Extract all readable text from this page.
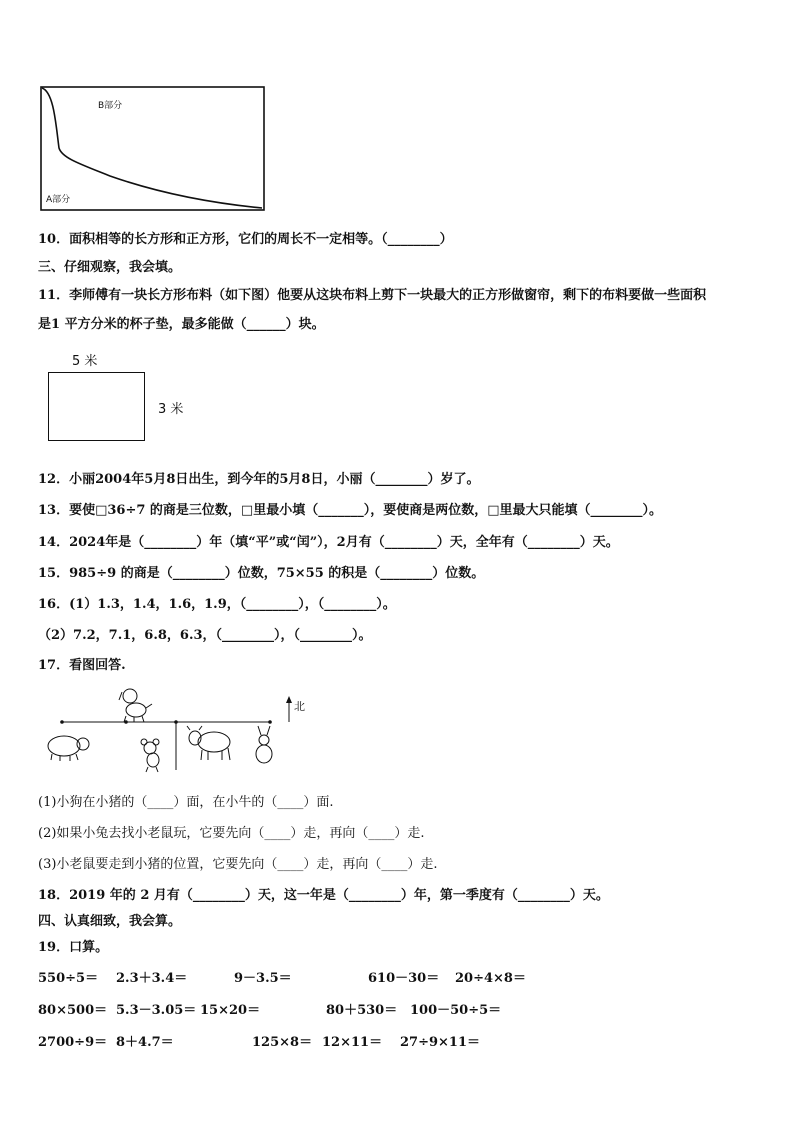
B部分
A部分
10．面积相等的长方形和正方形，它们的周长不一定相等。（________）
三、仔细观察，我会填。
11．李师傅有一块长方形布料（如下图）他要从这块布料上剪下一块最大的正方形做窗帘，剩下的布料要做一些面积
是1 平方分米的杯子垫，最多能做（______）块。
5 米
3 米
12．小丽2004年5月8日出生，到今年的5月8日，小丽（________）岁了。
13．要使□36÷7 的商是三位数，□里最小填（_______），要使商是两位数，□里最大只能填（________）。
14．2024年是（________）年（填“平”或“闰”），2月有（________）天，全年有（________）天。
15．985÷9 的商是（________）位数，75×55 的积是（________）位数。
16．(1）1.3，1.4，1.6，1.9，（________），（________）。
（2）7.2，7.1，6.8，6.3，（________），（________）。
17．看图回答.
北
(1)小狗在小猪的（____）面，在小牛的（____）面.
(2)如果小兔去找小老鼠玩，它要先向（____）走，再向（____）走.
(3)小老鼠要走到小猪的位置，它要先向（____）走，再向（____）走.
18．2019 年的 2 月有（________）天，这一年是（________）年，第一季度有（________）天。
四、认真细致，我会算。
19．口算。
550÷5＝ 2.3＋3.4＝	9－3.5＝	610－30＝ 20÷4×8＝
80×500＝ 5.3－3.05＝ 15×20＝	80＋530＝ 100－50÷5＝
2700÷9＝ 8＋4.7＝	125×8＝ 12×11＝ 27÷9×11＝
